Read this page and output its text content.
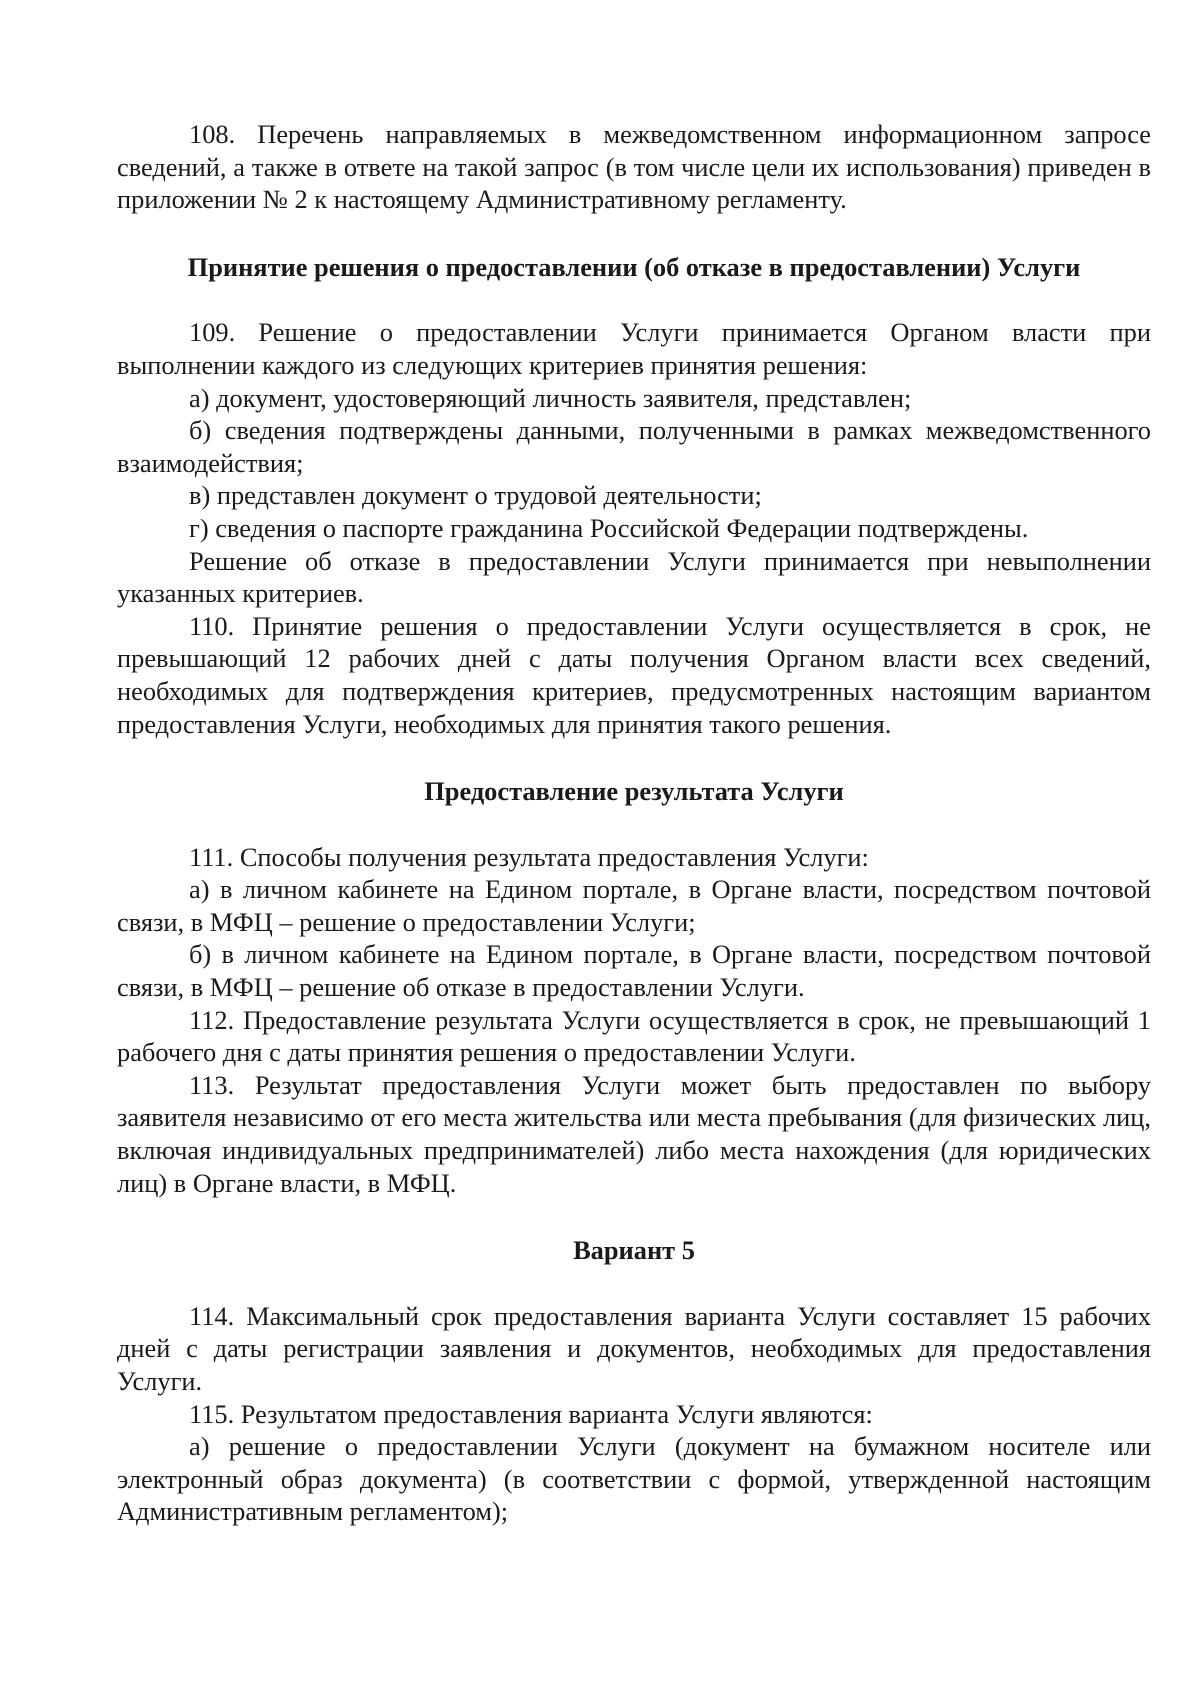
108. Перечень направляемых в межведомственном информационном запросе сведений, а также в ответе на такой запрос (в том числе цели их использования) приведен в приложении № 2 к настоящему Административному регламенту.

Принятие решения о предоставлении (об отказе в предоставлении) Услуги

109. Решение о предоставлении Услуги принимается Органом власти при выполнении каждого из следующих критериев принятия решения:

а) документ, удостоверяющий личность заявителя, представлен;

б) сведения подтверждены данными, полученными в рамках межведомственного взаимодействия;

в) представлен документ о трудовой деятельности;

г) сведения о паспорте гражданина Российской Федерации подтверждены.

Решение об отказе в предоставлении Услуги принимается при невыполнении указанных критериев.

110. Принятие решения о предоставлении Услуги осуществляется в срок, не превышающий 12 рабочих дней с даты получения Органом власти всех сведений, необходимых для подтверждения критериев, предусмотренных настоящим вариантом предоставления Услуги, необходимых для принятия такого решения.

Предоставление результата Услуги

111. Способы получения результата предоставления Услуги:

а) в личном кабинете на Едином портале, в Органе власти, посредством почтовой связи, в МФЦ – решение о предоставлении Услуги;

б) в личном кабинете на Едином портале, в Органе власти, посредством почтовой связи, в МФЦ – решение об отказе в предоставлении Услуги.

112. Предоставление результата Услуги осуществляется в срок, не превышающий 1 рабочего дня с даты принятия решения о предоставлении Услуги.

113. Результат предоставления Услуги может быть предоставлен по выбору заявителя независимо от его места жительства или места пребывания (для физических лиц, включая индивидуальных предпринимателей) либо места нахождения (для юридических лиц) в Органе власти, в МФЦ.

Вариант 5

114. Максимальный срок предоставления варианта Услуги составляет 15 рабочих дней с даты регистрации заявления и документов, необходимых для предоставления Услуги.

115. Результатом предоставления варианта Услуги являются:

а) решение о предоставлении Услуги (документ на бумажном носителе или электронный образ документа) (в соответствии с формой, утвержденной настоящим Административным регламентом);
